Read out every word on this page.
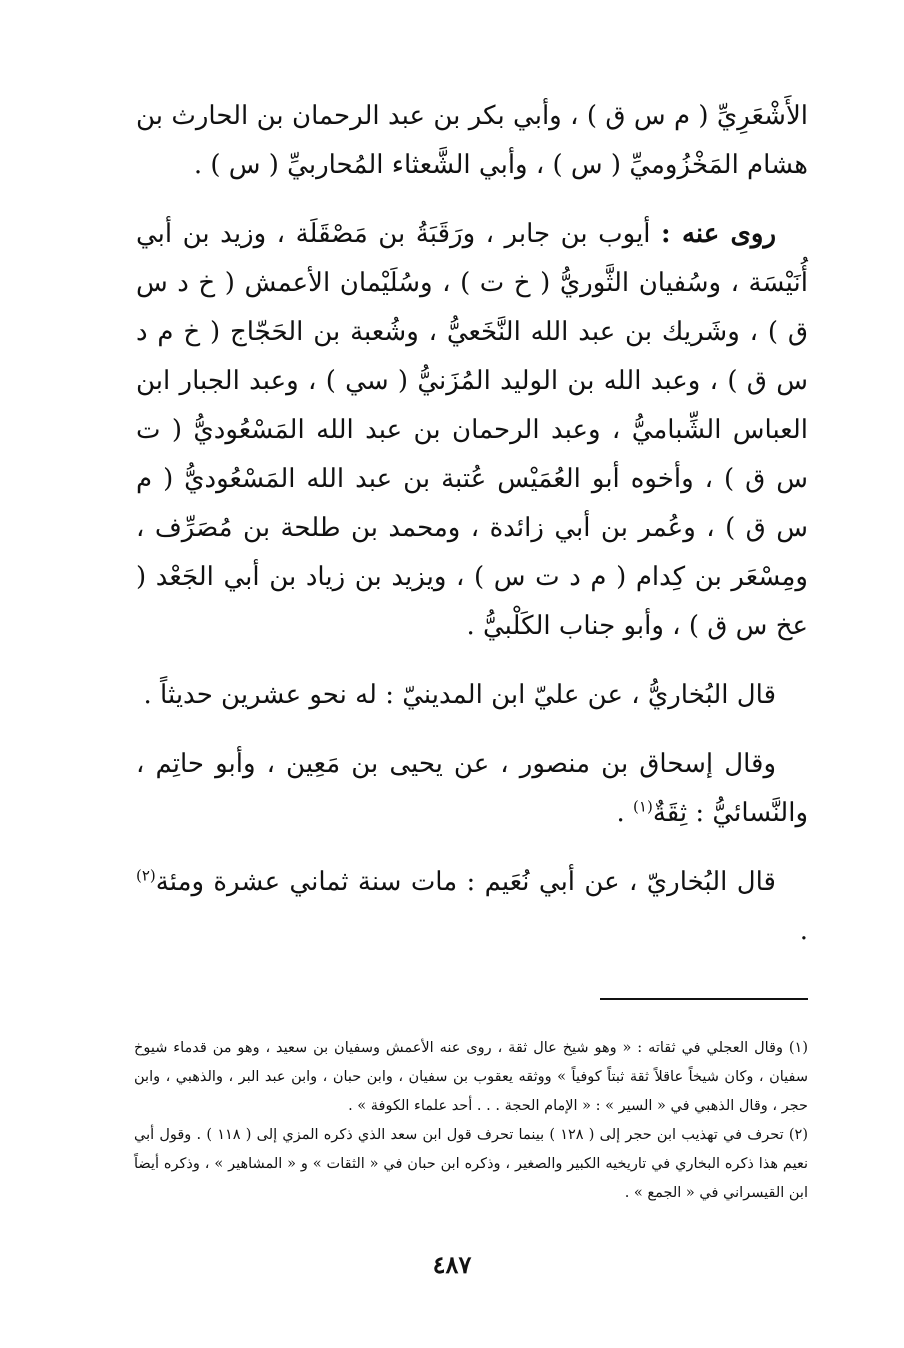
الأَشْعَرِيِّ ( م س ق ) ، وأبي بكر بن عبد الرحمان بن الحارث بن هشام المَخْزُوميِّ ( س ) ، وأبي الشَّعثاء المُحاربيِّ ( س ) .

روى عنه : أيوب بن جابر ، ورَقَبَةُ بن مَصْقَلَة ، وزيد بن أبي أُنَيْسَة ، وسُفيان الثَّوريُّ ( خ ت ) ، وسُلَيْمان الأعمش ( خ د س ق ) ، وشَريك بن عبد الله النَّخَعيُّ ، وشُعبة بن الحَجّاج ( خ م د س ق ) ، وعبد الله بن الوليد المُزَنيُّ ( سي ) ، وعبد الجبار ابن العباس الشِّباميُّ ، وعبد الرحمان بن عبد الله المَسْعُوديُّ ( ت س ق ) ، وأخوه أبو العُمَيْس عُتبة بن عبد الله المَسْعُوديُّ ( م س ق ) ، وعُمر بن أبي زائدة ، ومحمد بن طلحة بن مُصَرِّف ، ومِسْعَر بن كِدام ( م د ت س ) ، ويزيد بن زياد بن أبي الجَعْد ( عخ س ق ) ، وأبو جناب الكَلْبيُّ .

قال البُخاريُّ ، عن عليّ ابن المدينيّ : له نحو عشرين حديثاً .

وقال إسحاق بن منصور ، عن يحيى بن مَعِين ، وأبو حاتِم ، والنَّسائيُّ : ثِقَةٌ$^{(١)}$ .

قال البُخاريّ ، عن أبي نُعَيم : مات سنة ثماني عشرة ومئة$^{(٢)}$ .

(١) وقال العجلي في ثقاته : « وهو شيخ عال ثقة ، روى عنه الأعمش وسفيان بن سعيد ، وهو من قدماء شيوخ سفيان ، وكان شيخاً عاقلاً ثقة ثبتاً كوفياً » ووثقه يعقوب بن سفيان ، وابن حبان ، وابن عبد البر ، والذهبي ، وابن حجر ، وقال الذهبي في « السير » : « الإمام الحجة . . . أحد علماء الكوفة » .

(٢) تحرف في تهذيب ابن حجر إلى ( ١٢٨ ) بينما تحرف قول ابن سعد الذي ذكره المزي إلى ( ١١٨ ) . وقول أبي نعيم هذا ذكره البخاري في تاريخيه الكبير والصغير ، وذكره ابن حبان في « الثقات » و « المشاهير » ، وذكره أيضاً ابن القيسراني في « الجمع » .

٤٨٧
